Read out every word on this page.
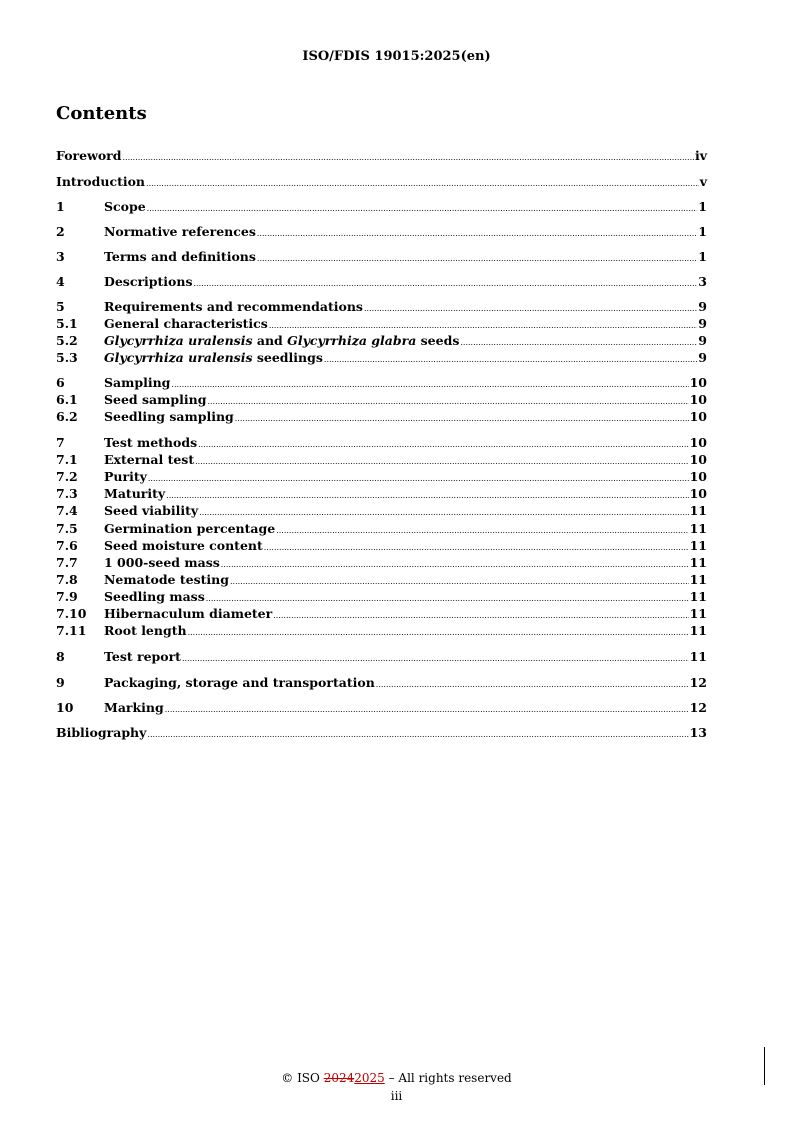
ISO/FDIS 19015:2025(en)
Contents
Foreword .....	iv
Introduction .....	v
1	Scope .....	1
2	Normative references .....	1
3	Terms and definitions .....	1
4	Descriptions .....	3
5	Requirements and recommendations .....	9
5.1	General characteristics .....	9
5.2	Glycyrrhiza uralensis and Glycyrrhiza glabra seeds .....	9
5.3	Glycyrrhiza uralensis seedlings .....	9
6	Sampling .....	10
6.1	Seed sampling .....	10
6.2	Seedling sampling .....	10
7	Test methods .....	10
7.1	External test .....	10
7.2	Purity .....	10
7.3	Maturity .....	10
7.4	Seed viability .....	11
7.5	Germination percentage .....	11
7.6	Seed moisture content .....	11
7.7	1 000-seed mass .....	11
7.8	Nematode testing .....	11
7.9	Seedling mass .....	11
7.10	Hibernaculum diameter .....	11
7.11	Root length .....	11
8	Test report .....	11
9	Packaging, storage and transportation .....	12
10	Marking .....	12
Bibliography .....	13
© ISO 20242025 – All rights reserved
iii
